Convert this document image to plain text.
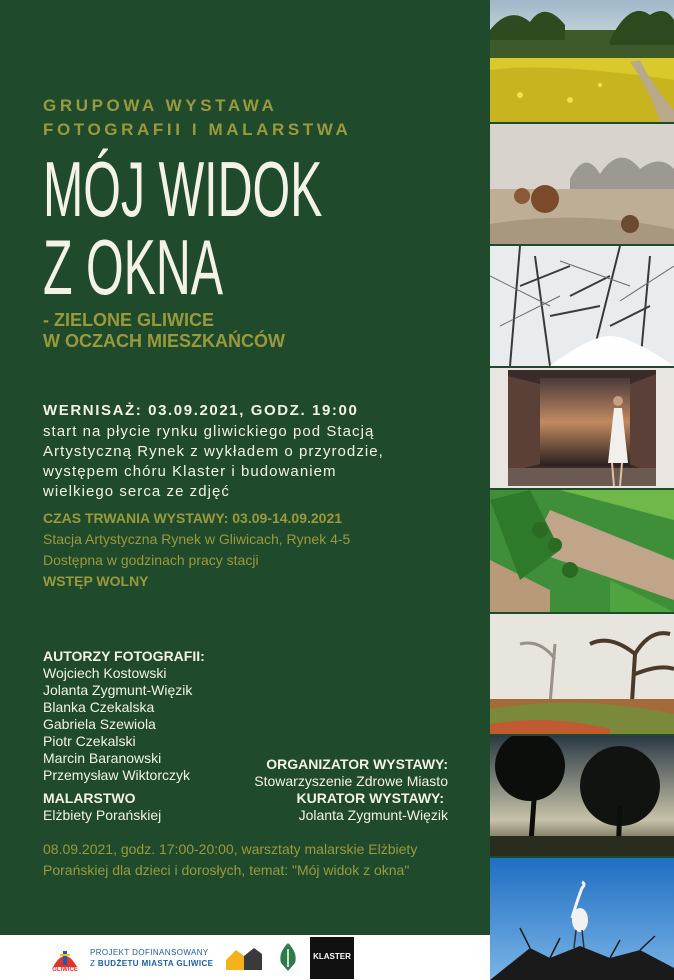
GRUPOWA WYSTAWA
FOTOGRAFII I MALARSTWA
MÓJ WIDOK
Z OKNA
- ZIELONE GLIWICE
W OCZACH MIESZKAŃCÓW
WERNISAŻ: 03.09.2021, GODZ. 19:00
start na płycie rynku gliwickiego pod Stacją
Artystyczną Rynek z wykładem o przyrodzie,
występem chóru Klaster i budowaniem
wielkiego serca ze zdjęć
CZAS TRWANIA WYSTAWY: 03.09-14.09.2021
Stacja Artystyczna Rynek w Gliwicach, Rynek 4-5
Dostępna w godzinach pracy stacji
WSTĘP WOLNY
AUTORZY FOTOGRAFII:
Wojciech Kostowski
Jolanta Zygmunt-Więzik
Blanka Czekalska
Gabriela Szewiola
Piotr Czekalski
Marcin Baranowski
Przemysław Wiktorczyk
MALARSTWO
Elżbiety Porańskiej
ORGANIZATOR WYSTAWY:
Stowarzyszenie Zdrowe Miasto
KURATOR WYSTAWY:
Jolanta Zygmunt-Więzik
08.09.2021, godz. 17:00-20:00, warsztaty malarskie Elżbiety
Porańskiej dla dzieci i dorosłych, temat: "Mój widok z okna"
GLIWICE
PROJEKT DOFINANSOWANY
Z BUDŻETU MIASTA GLIWICE
KLASTER
